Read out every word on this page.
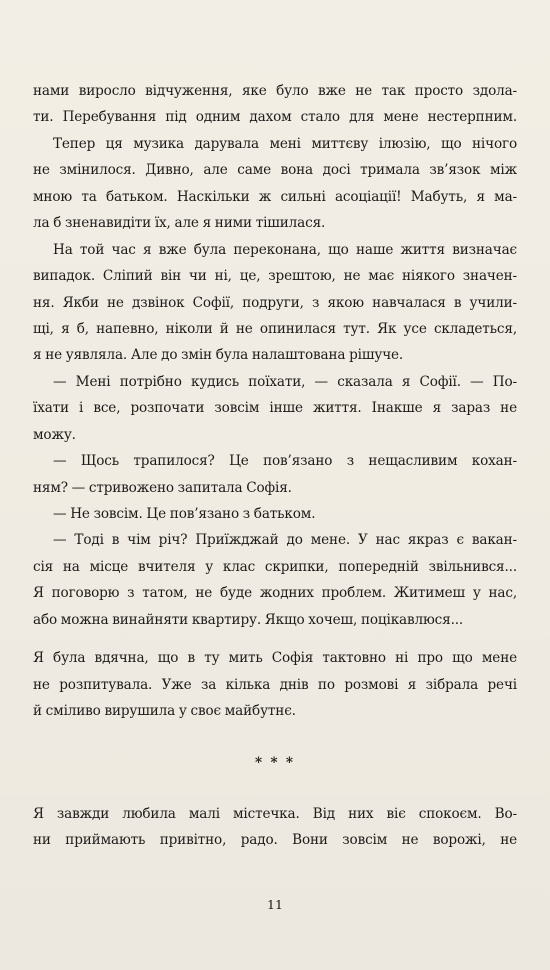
нами виросло відчуження, яке було вже не так просто здола-
ти. Перебування під одним дахом стало для мене нестерпним.
Тепер ця музика дарувала мені миттєву ілюзію, що нічого
не змінилося. Дивно, але саме вона досі тримала зв’язок між
мною та батьком. Наскільки ж сильні асоціації! Мабуть, я ма-
ла б зненавидіти їх, але я ними тішилася.
На той час я вже була переконана, що наше життя визначає
випадок. Сліпий він чи ні, це, зрештою, не має ніякого значен-
ня. Якби не дзвінок Софії, подруги, з якою навчалася в учили-
щі, я б, напевно, ніколи й не опинилася тут. Як усе складеться,
я не уявляла. Але до змін була налаштована рішуче.
— Мені потрібно кудись поїхати, — сказала я Софії. — По-
їхати і все, розпочати зовсім інше життя. Інакше я зараз не
можу.
— Щось трапилося? Це пов’язано з нещасливим кохан-
ням? — стривожено запитала Софія.
— Не зовсім. Це пов’язано з батьком.
— Тоді в чім річ? Приїжджай до мене. У нас якраз є вакан-
сія на місце вчителя у клас скрипки, попередній звільнився...
Я поговорю з татом, не буде жодних проблем. Житимеш у нас,
або можна винайняти квартиру. Якщо хочеш, поцікавлюся...
Я була вдячна, що в ту мить Софія тактовно ні про що мене
не розпитувала. Уже за кілька днів по розмові я зібрала речі
й сміливо вирушила у своє майбутнє.
* * *
Я завжди любила малі містечка. Від них віє спокоєм. Во-
ни приймають привітно, радо. Вони зовсім не ворожі, не
11
